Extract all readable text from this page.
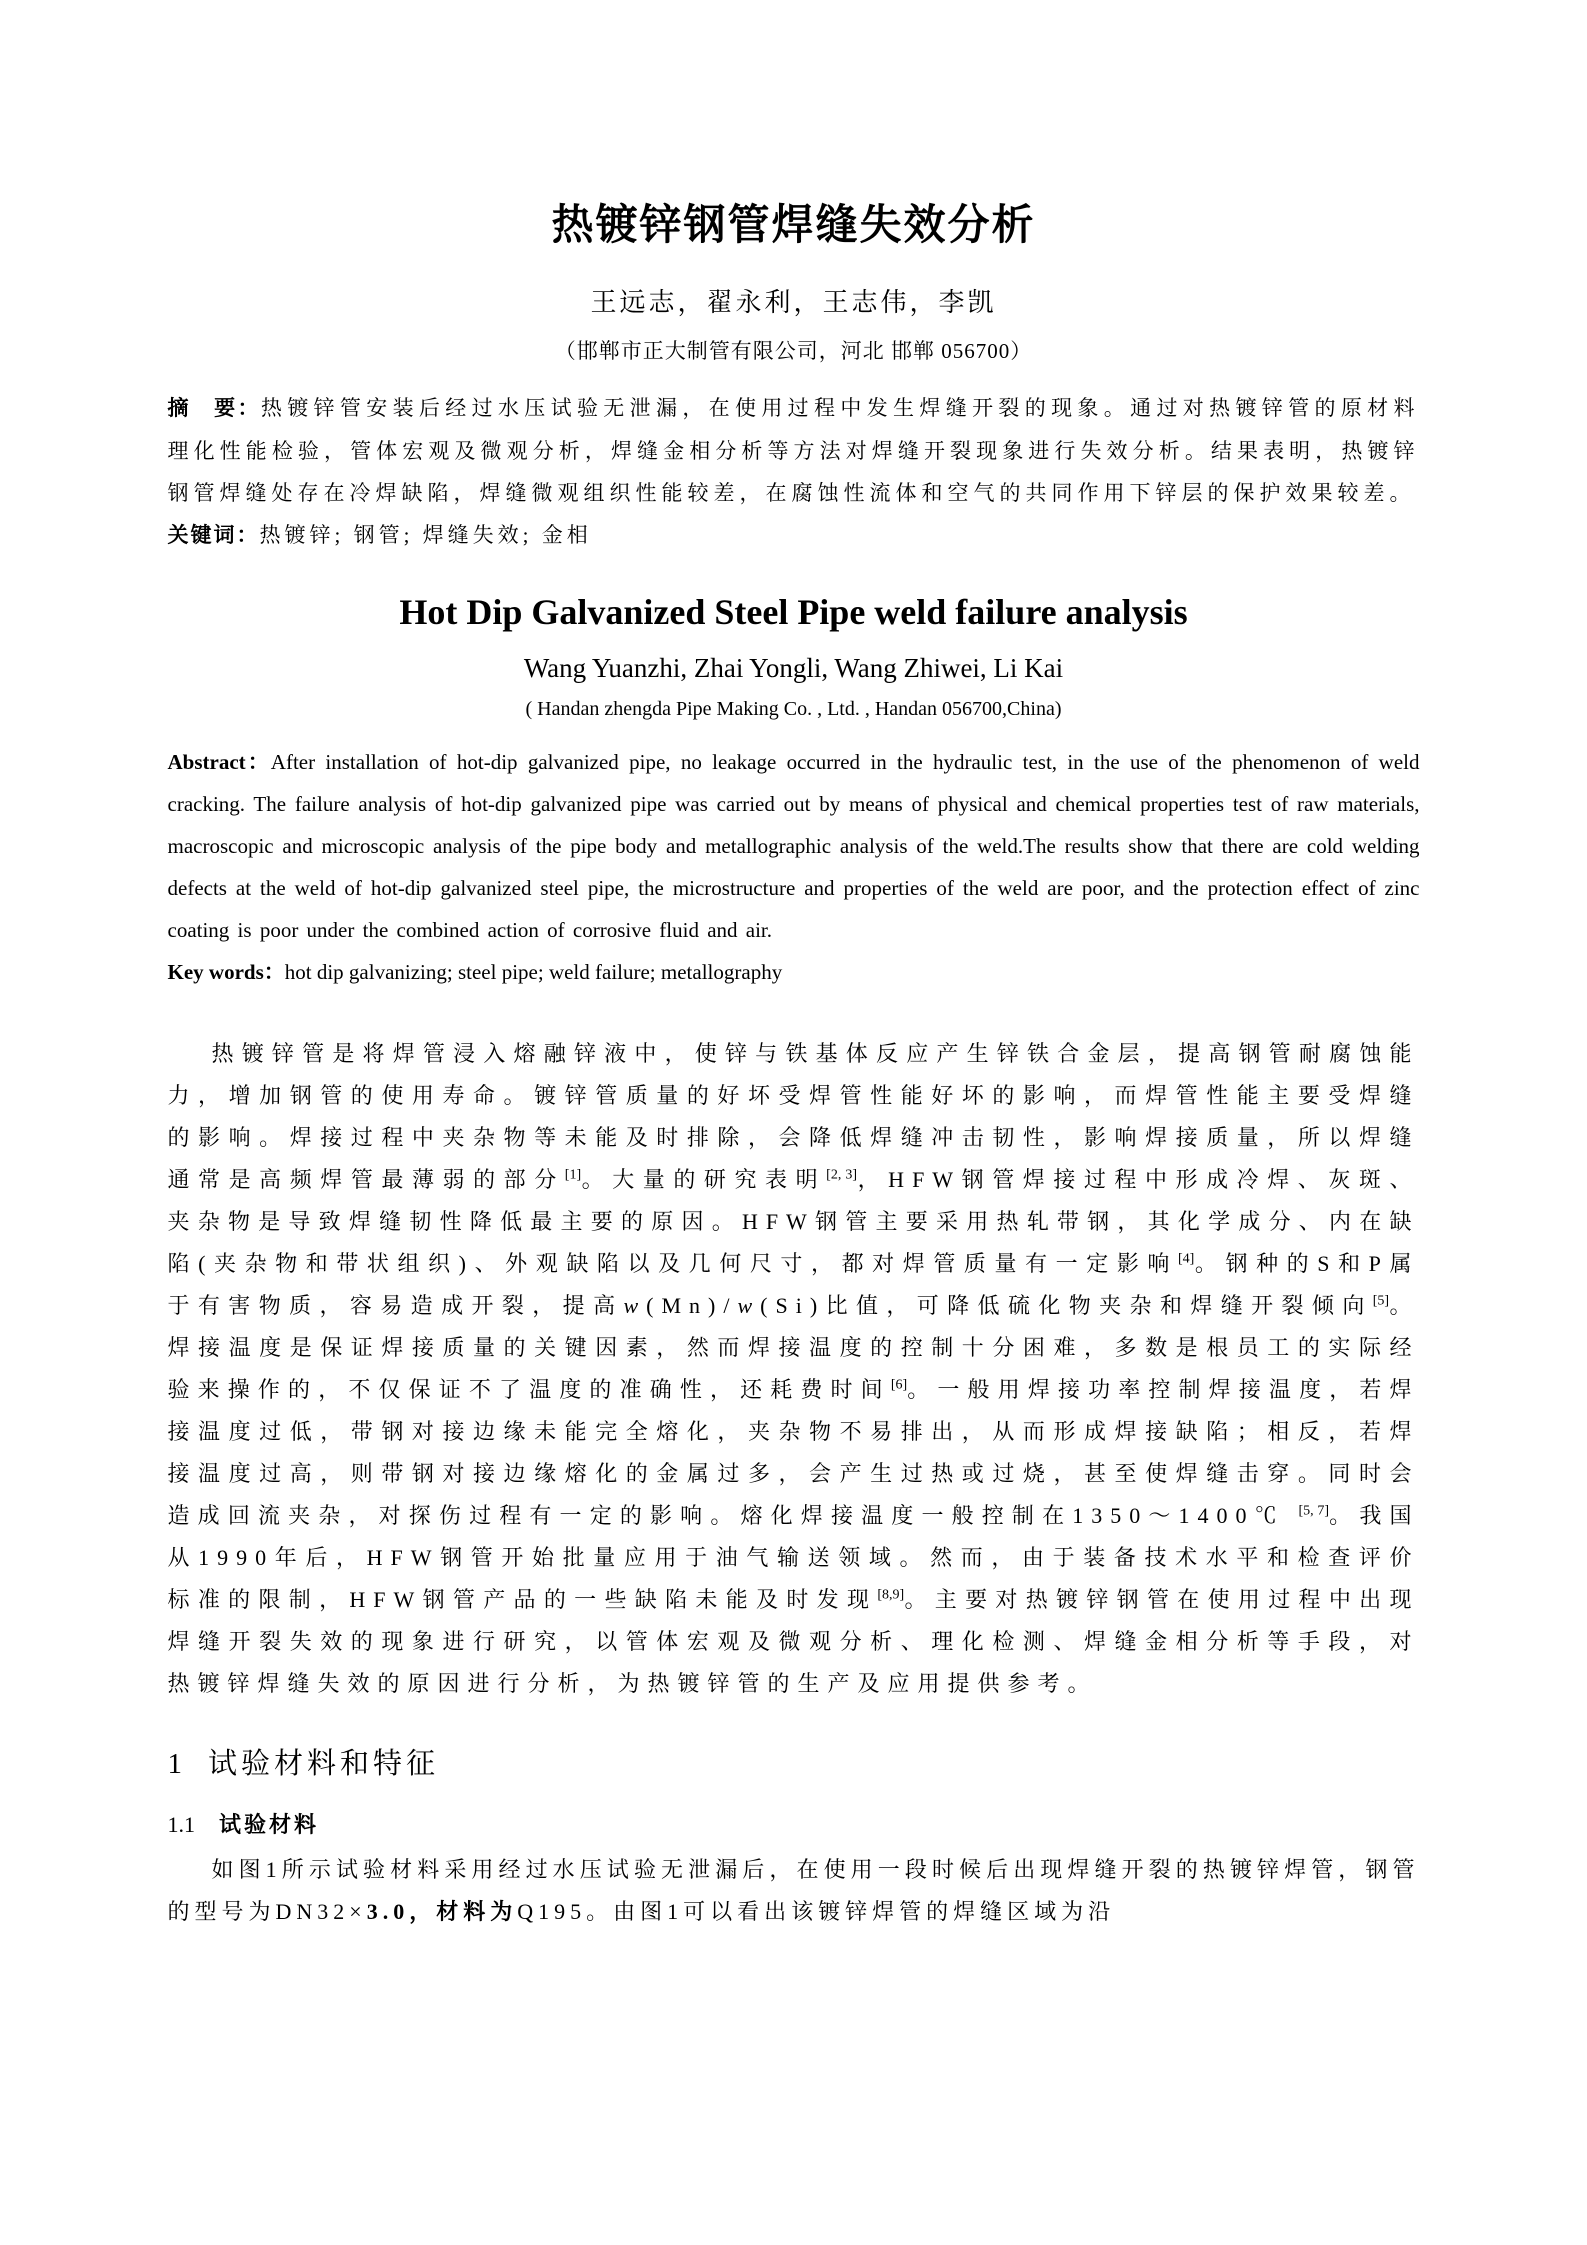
热镀锌钢管焊缝失效分析
王远志，翟永利，王志伟，李凯
（邯郸市正大制管有限公司，河北 邯郸 056700）

摘　要：热镀锌管安装后经过水压试验无泄漏，在使用过程中发生焊缝开裂的现象。通过对热镀锌管的原材料理化性能检验，管体宏观及微观分析，焊缝金相分析等方法对焊缝开裂现象进行失效分析。结果表明，热镀锌钢管焊缝处存在冷焊缺陷，焊缝微观组织性能较差，在腐蚀性流体和空气的共同作用下锌层的保护效果较差。

关键词：热镀锌; 钢管; 焊缝失效; 金相

Hot Dip Galvanized Steel Pipe weld failure analysis
Wang Yuanzhi, Zhai Yongli, Wang Zhiwei, Li Kai
( Handan zhengda Pipe Making Co. , Ltd. , Handan 056700,China)

Abstract：After installation of hot-dip galvanized pipe, no leakage occurred in the hydraulic test, in the use of the phenomenon of weld cracking. The failure analysis of hot-dip galvanized pipe was carried out by means of physical and chemical properties test of raw materials, macroscopic and microscopic analysis of the pipe body and metallographic analysis of the weld.The results show that there are cold welding defects at the weld of hot-dip galvanized steel pipe, the microstructure and properties of the weld are poor, and the protection effect of zinc coating is poor under the combined action of corrosive fluid and air.

Key words：hot dip galvanizing; steel pipe; weld failure; metallography

热镀锌管是将焊管浸入熔融锌液中，使锌与铁基体反应产生锌铁合金层，提高钢管耐腐蚀能力，增加钢管的使用寿命。镀锌管质量的好坏受焊管性能好坏的影响，而焊管性能主要受焊缝的影响。焊接过程中夹杂物等未能及时排除，会降低焊缝冲击韧性，影响焊接质量，所以焊缝通常是高频焊管最薄弱的部分[1]。大量的研究表明[2, 3]，HFW钢管焊接过程中形成冷焊、灰斑、夹杂物是导致焊缝韧性降低最主要的原因。HFW钢管主要采用热轧带钢，其化学成分、内在缺陷(夹杂物和带状组织)、外观缺陷以及几何尺寸，都对焊管质量有一定影响[4]。钢种的S和P属于有害物质，容易造成开裂，提高w(Mn)/w(Si)比值，可降低硫化物夹杂和焊缝开裂倾向[5]。焊接温度是保证焊接质量的关键因素，然而焊接温度的控制十分困难，多数是根员工的实际经验来操作的，不仅保证不了温度的准确性，还耗费时间[6]。一般用焊接功率控制焊接温度，若焊接温度过低，带钢对接边缘未能完全熔化，夹杂物不易排出，从而形成焊接缺陷；相反，若焊接温度过高，则带钢对接边缘熔化的金属过多，会产生过热或过烧，甚至使焊缝击穿。同时会造成回流夹杂，对探伤过程有一定的影响。熔化焊接温度一般控制在1350～1400℃ [5, 7]。我国从1990年后，HFW钢管开始批量应用于油气输送领域。然而，由于装备技术水平和检查评价标准的限制，HFW钢管产品的一些缺陷未能及时发现[8,9]。主要对热镀锌钢管在使用过程中出现焊缝开裂失效的现象进行研究，以管体宏观及微观分析、理化检测、焊缝金相分析等手段，对热镀锌焊缝失效的原因进行分析，为热镀锌管的生产及应用提供参考。

1 试验材料和特征
1.1 试验材料

如图1所示试验材料采用经过水压试验无泄漏后，在使用一段时候后出现焊缝开裂的热镀锌焊管，钢管的型号为DN32×3.0，材料为Q195。由图1可以看出该镀锌焊管的焊缝区域为沿
